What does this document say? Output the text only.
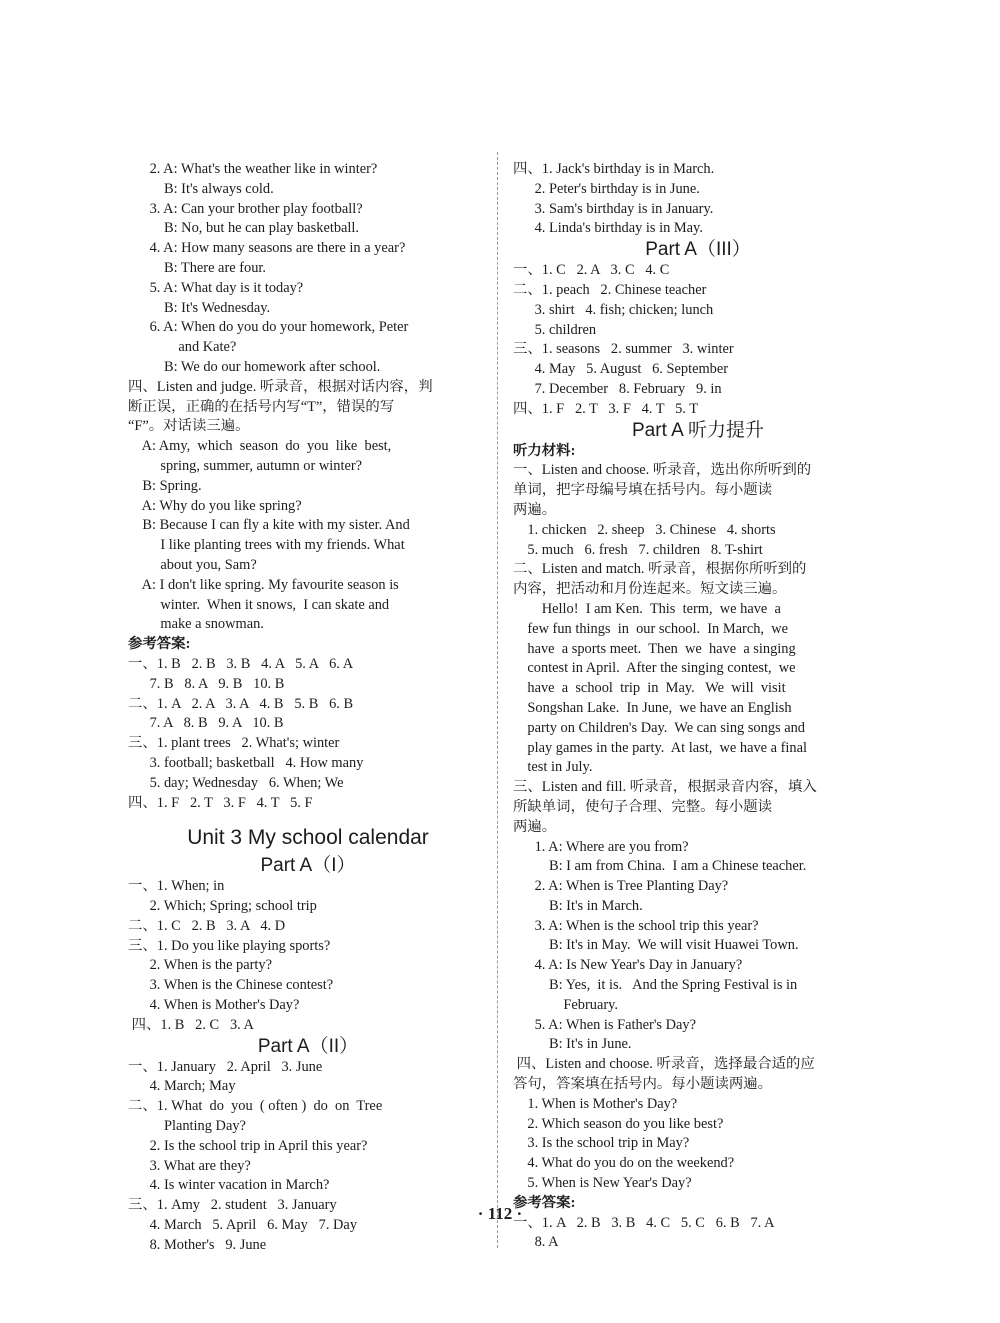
2. A: What's the weather like in winter?
B: It's always cold.
3. A: Can your brother play football?
B: No, but he can play basketball.
4. A: How many seasons are there in a year?
B: There are four.
5. A: What day is it today?
B: It's Wednesday.
6. A: When do you do your homework, Peter
and Kate?
B: We do our homework after school.
四、Listen and judge. 听录音，根据对话内容，判
断正误，正确的在括号内写“T”，错误的写
“F”。对话读三遍。
A: Amy,  which  season  do  you  like  best,
spring, summer, autumn or winter?
B: Spring.
A: Why do you like spring?
B: Because I can fly a kite with my sister. And
I like planting trees with my friends. What
about you, Sam?
A: I don't like spring. My favourite season is
winter.  When it snows,  I can skate and
make a snowman.
参考答案:
一、1. B   2. B   3. B   4. A   5. A   6. A
7. B   8. A   9. B   10. B
二、1. A   2. A   3. A   4. B   5. B   6. B
7. A   8. B   9. A   10. B
三、1. plant trees   2. What's; winter
3. football; basketball   4. How many
5. day; Wednesday   6. When; We
四、1. F   2. T   3. F   4. T   5. F
Unit 3 My school calendar
Part A（I）
一、1. When; in
2. Which; Spring; school trip
二、1. C   2. B   3. A   4. D
三、1. Do you like playing sports?
2. When is the party?
3. When is the Chinese contest?
4. When is Mother's Day?
四、1. B   2. C   3. A
Part A（II）
一、1. January   2. April   3. June
4. March; May
二、1. What  do  you  ( often )  do  on  Tree
Planting Day?
2. Is the school trip in April this year?
3. What are they?
4. Is winter vacation in March?
三、1. Amy   2. student   3. January
4. March   5. April   6. May   7. Day
8. Mother's   9. June
四、1. Jack's birthday is in March.
2. Peter's birthday is in June.
3. Sam's birthday is in January.
4. Linda's birthday is in May.
Part A（III）
一、1. C   2. A   3. C   4. C
二、1. peach   2. Chinese teacher
3. shirt   4. fish; chicken; lunch
5. children
三、1. seasons   2. summer   3. winter
4. May   5. August   6. September
7. December   8. February   9. in
四、1. F   2. T   3. F   4. T   5. T
Part A 听力提升
听力材料:
一、Listen and choose. 听录音，选出你所听到的
单词，把字母编号填在括号内。每小题读
两遍。
1. chicken   2. sheep   3. Chinese   4. shorts
5. much   6. fresh   7. children   8. T-shirt
二、Listen and match. 听录音，根据你所听到的
内容，把活动和月份连起来。短文读三遍。
Hello!  I am Ken.  This  term,  we have  a
few fun things  in  our school.  In March,  we
have  a sports meet.  Then  we  have  a singing
contest in April.  After the singing contest,  we
have  a  school  trip  in  May.   We  will  visit
Songshan Lake.  In June,  we have an English
party on Children's Day.  We can sing songs and
play games in the party.  At last,  we have a final
test in July.
三、Listen and fill. 听录音，根据录音内容，填入
所缺单词，使句子合理、完整。每小题读
两遍。
1. A: Where are you from?
B: I am from China.  I am a Chinese teacher.
2. A: When is Tree Planting Day?
B: It's in March.
3. A: When is the school trip this year?
B: It's in May.  We will visit Huawei Town.
4. A: Is New Year's Day in January?
B: Yes,  it is.   And the Spring Festival is in
February.
5. A: When is Father's Day?
B: It's in June.
四、Listen and choose. 听录音，选择最合适的应
答句，答案填在括号内。每小题读两遍。
1. When is Mother's Day?
2. Which season do you like best?
3. Is the school trip in May?
4. What do you do on the weekend?
5. When is New Year's Day?
参考答案:
一、1. A   2. B   3. B   4. C   5. C   6. B   7. A
8. A
· 112 ·
